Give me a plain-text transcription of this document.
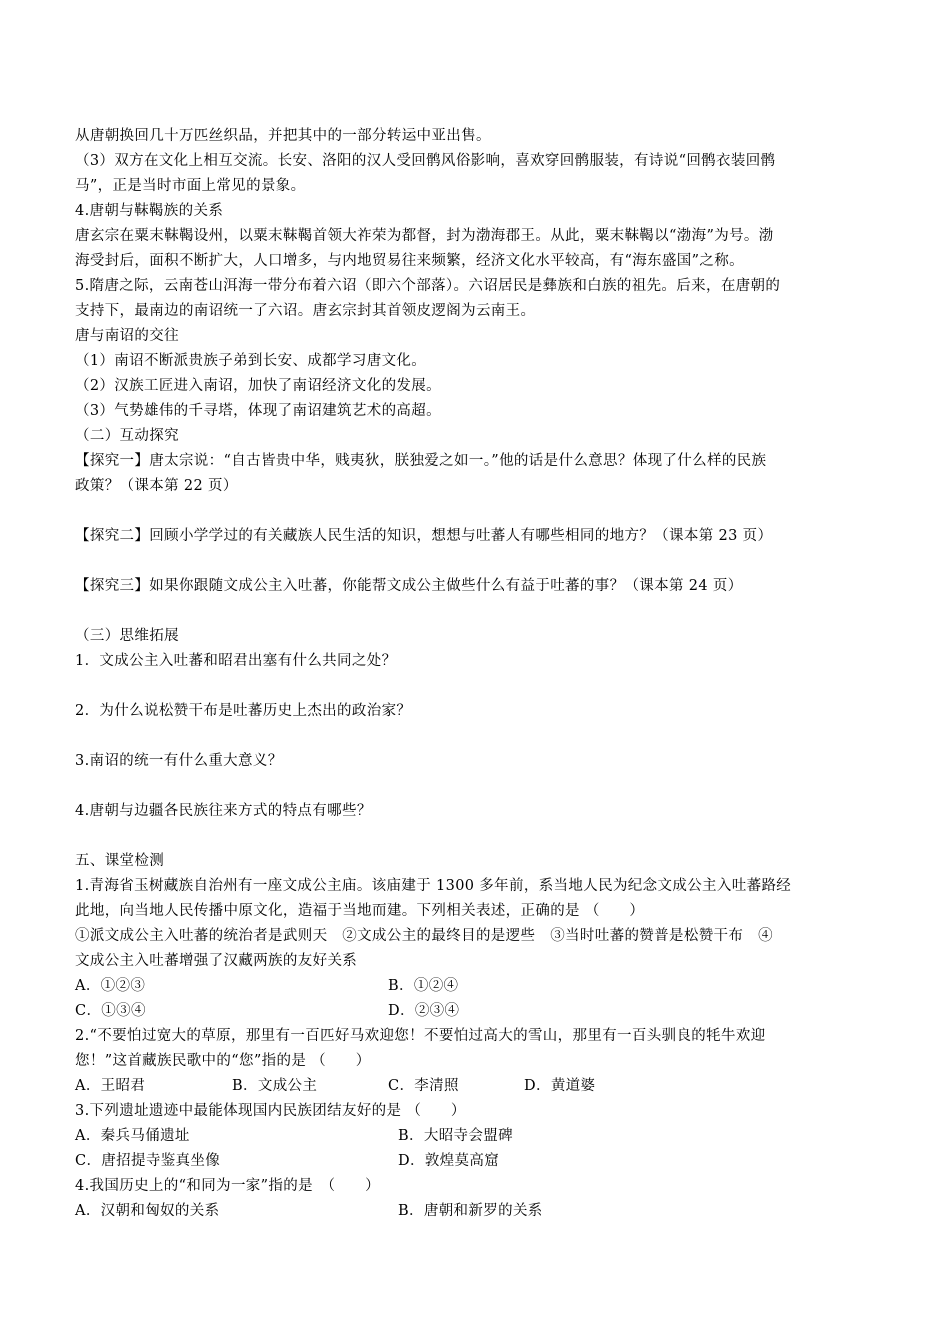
从唐朝换回几十万匹丝织品，并把其中的一部分转运中亚出售。
（3）双方在文化上相互交流。长安、洛阳的汉人受回鹘风俗影响，喜欢穿回鹘服装，有诗说“回鹘衣装回鹘
马”，正是当时市面上常见的景象。
4.唐朝与靺鞨族的关系
唐玄宗在粟末靺鞨设州，以粟末靺鞨首领大祚荣为都督，封为渤海郡王。从此，粟末靺鞨以“渤海”为号。渤
海受封后，面积不断扩大，人口增多，与内地贸易往来频繁，经济文化水平较高，有“海东盛国”之称。
5.隋唐之际，云南苍山洱海一带分布着六诏（即六个部落）。六诏居民是彝族和白族的祖先。后来，在唐朝的
支持下，最南边的南诏统一了六诏。唐玄宗封其首领皮逻阁为云南王。
唐与南诏的交往
（1）南诏不断派贵族子弟到长安、成都学习唐文化。
（2）汉族工匠进入南诏，加快了南诏经济文化的发展。
（3）气势雄伟的千寻塔，体现了南诏建筑艺术的高超。
（二）互动探究
【探究一】唐太宗说：“自古皆贵中华，贱夷狄，朕独爱之如一。”他的话是什么意思？体现了什么样的民族
政策？（课本第 22 页）
【探究二】回顾小学学过的有关藏族人民生活的知识，想想与吐蕃人有哪些相同的地方？（课本第 23 页）
【探究三】如果你跟随文成公主入吐蕃，你能帮文成公主做些什么有益于吐蕃的事？（课本第 24 页）
（三）思维拓展
1．文成公主入吐蕃和昭君出塞有什么共同之处？
2．为什么说松赞干布是吐蕃历史上杰出的政治家？
3.南诏的统一有什么重大意义？
4.唐朝与边疆各民族往来方式的特点有哪些？
五、课堂检测
1.青海省玉树藏族自治州有一座文成公主庙。该庙建于 1300 多年前，系当地人民为纪念文成公主入吐蕃路经
此地，向当地人民传播中原文化，造福于当地而建。下列相关表述，正确的是 （　　）
①派文成公主入吐蕃的统治者是武则天　②文成公主的最终目的是逻些　③当时吐蕃的赞普是松赞干布　④
文成公主入吐蕃增强了汉藏两族的友好关系
A．①②③	B．①②④
C．①③④	D．②③④
2.“不要怕过宽大的草原，那里有一百匹好马欢迎您！不要怕过高大的雪山，那里有一百头驯良的牦牛欢迎
您！”这首藏族民歌中的“您”指的是 （　　）
A．王昭君	B．文成公主	C．李清照	D．黄道婆
3.下列遗址遗迹中最能体现国内民族团结友好的是 （　　）
A．秦兵马俑遗址	B．大昭寺会盟碑
C．唐招提寺鉴真坐像	D．敦煌莫高窟
4.我国历史上的“和同为一家”指的是　（　　）
A．汉朝和匈奴的关系	B．唐朝和新罗的关系
